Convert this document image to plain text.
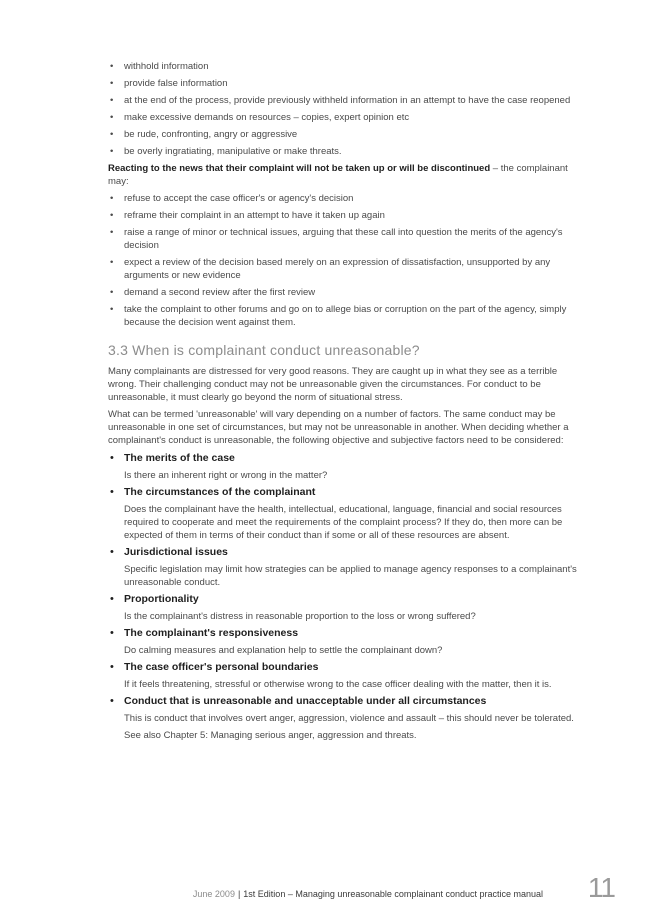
• withhold information
• provide false information
• at the end of the process, provide previously withheld information in an attempt to have the case reopened
• make excessive demands on resources – copies, expert opinion etc
• be rude, confronting, angry or aggressive
• be overly ingratiating, manipulative or make threats.

Reacting to the news that their complaint will not be taken up or will be discontinued – the complainant may:

• refuse to accept the case officer's or agency's decision
• reframe their complaint in an attempt to have it taken up again
• raise a range of minor or technical issues, arguing that these call into question the merits of the agency's decision
• expect a review of the decision based merely on an expression of dissatisfaction, unsupported by any arguments or new evidence
• demand a second review after the first review
• take the complaint to other forums and go on to allege bias or corruption on the part of the agency, simply because the decision went against them.
3.3 When is complainant conduct unreasonable?

Many complainants are distressed for very good reasons. They are caught up in what they see as a terrible wrong. Their challenging conduct may not be unreasonable given the circumstances. For conduct to be unreasonable, it must clearly go beyond the norm of situational stress.

What can be termed 'unreasonable' will vary depending on a number of factors. The same conduct may be unreasonable in one set of circumstances, but may not be unreasonable in another. When deciding whether a complainant's conduct is unreasonable, the following objective and subjective factors need to be considered:

• The merits of the case
Is there an inherent right or wrong in the matter?
• The circumstances of the complainant
Does the complainant have the health, intellectual, educational, language, financial and social resources required to cooperate and meet the requirements of the complaint process? If they do, then more can be expected of them in terms of their conduct than if some or all of these resources are absent.
• Jurisdictional issues
Specific legislation may limit how strategies can be applied to manage agency responses to a complainant's unreasonable conduct.
• Proportionality
Is the complainant's distress in reasonable proportion to the loss or wrong suffered?
• The complainant's responsiveness
Do calming measures and explanation help to settle the complainant down?
• The case officer's personal boundaries
If it feels threatening, stressful or otherwise wrong to the case officer dealing with the matter, then it is.
• Conduct that is unreasonable and unacceptable under all circumstances
This is conduct that involves overt anger, aggression, violence and assault – this should never be tolerated.
See also Chapter 5: Managing serious anger, aggression and threats.
June 2009 | 1st Edition – Managing unreasonable complainant conduct practice manual 11
